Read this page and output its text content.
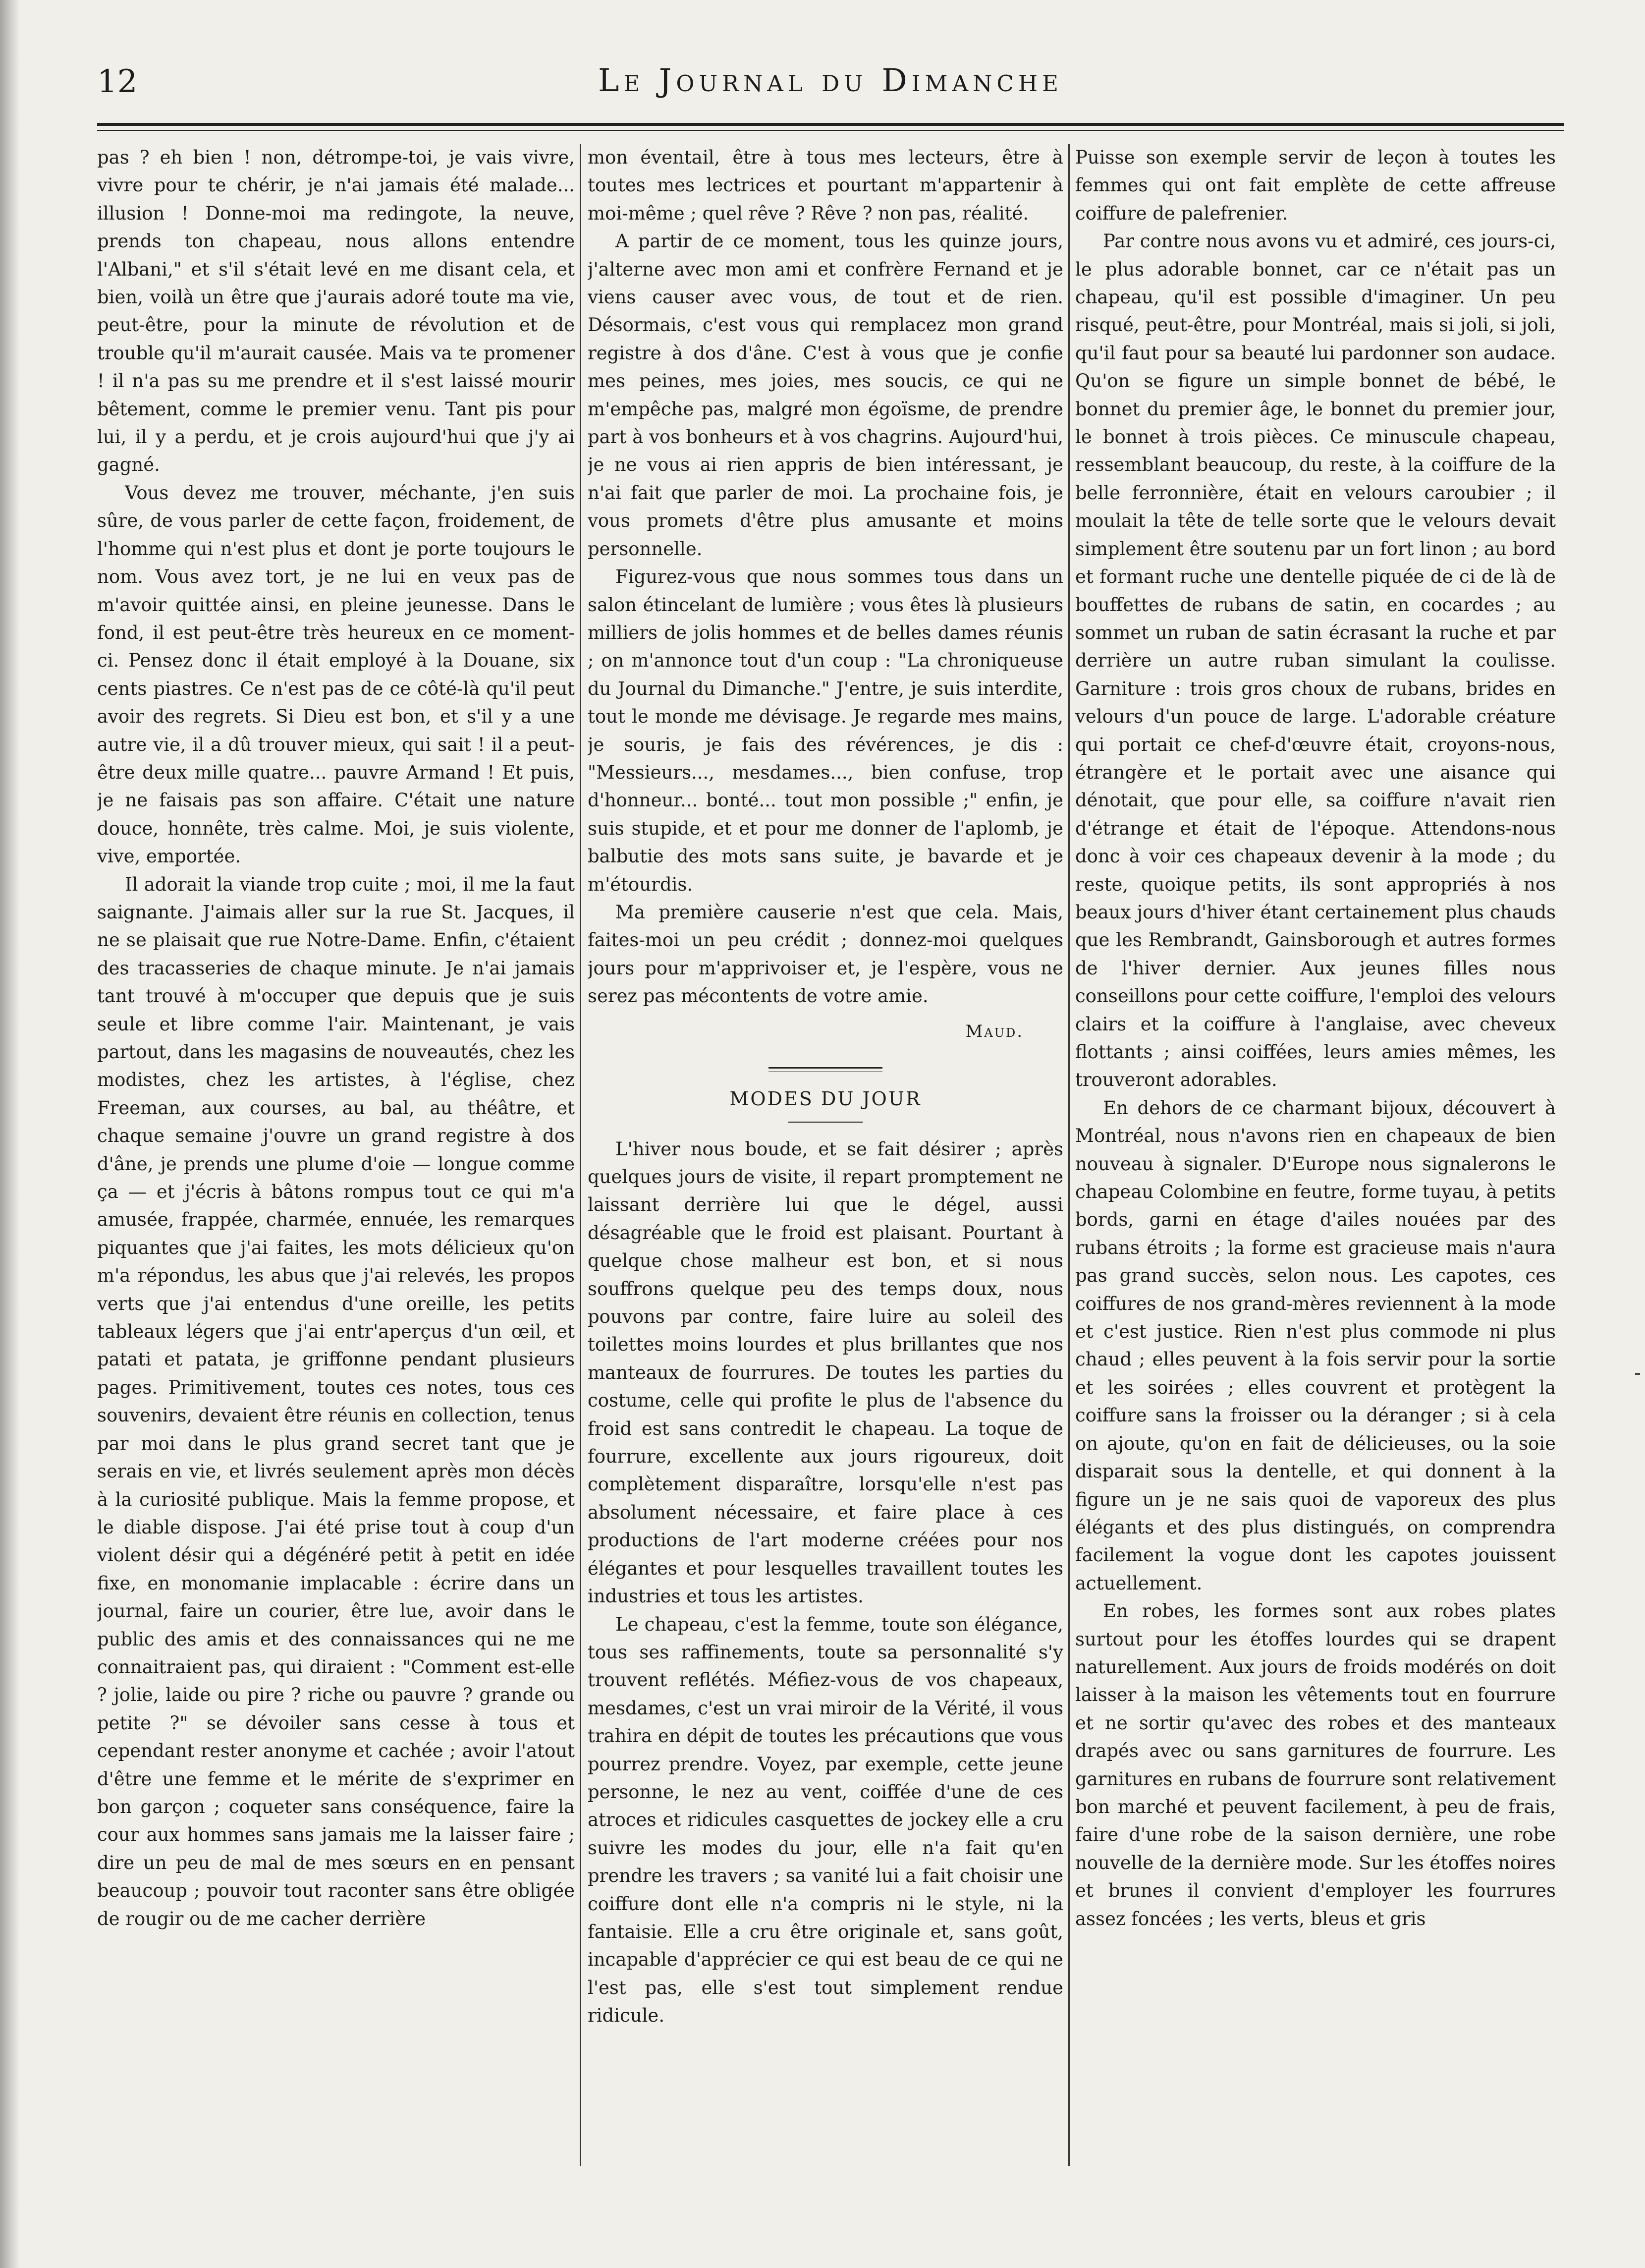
12	Le Journal du Dimanche

pas ? eh bien ! non, détrompe-toi, je vais vivre, vivre pour te chérir, je n'ai jamais été malade... illusion ! Donne-moi ma redingote, la neuve, prends ton chapeau, nous allons entendre l'Albani," et s'il s'était levé en me disant cela, et bien, voilà un être que j'aurais adoré toute ma vie, peut-être, pour la minute de révolution et de trouble qu'il m'aurait causée. Mais va te promener ! il n'a pas su me prendre et il s'est laissé mourir bêtement, comme le premier venu. Tant pis pour lui, il y a perdu, et je crois aujourd'hui que j'y ai gagné.

Vous devez me trouver, méchante, j'en suis sûre, de vous parler de cette façon, froidement, de l'homme qui n'est plus et dont je porte toujours le nom. Vous avez tort, je ne lui en veux pas de m'avoir quittée ainsi, en pleine jeunesse. Dans le fond, il est peut-être très heureux en ce moment-ci. Pensez donc il était employé à la Douane, six cents piastres. Ce n'est pas de ce côté-là qu'il peut avoir des regrets. Si Dieu est bon, et s'il y a une autre vie, il a dû trouver mieux, qui sait ! il a peut-être deux mille quatre... pauvre Armand ! Et puis, je ne faisais pas son affaire. C'était une nature douce, honnête, très calme. Moi, je suis violente, vive, emportée.

Il adorait la viande trop cuite ; moi, il me la faut saignante. J'aimais aller sur la rue St. Jacques, il ne se plaisait que rue Notre-Dame. Enfin, c'étaient des tracasseries de chaque minute. Je n'ai jamais tant trouvé à m'occuper que depuis que je suis seule et libre comme l'air. Maintenant, je vais partout, dans les magasins de nouveautés, chez les modistes, chez les artistes, à l'église, chez Freeman, aux courses, au bal, au théâtre, et chaque semaine j'ouvre un grand registre à dos d'âne, je prends une plume d'oie — longue comme ça — et j'écris à bâtons rompus tout ce qui m'a amusée, frappée, charmée, ennuée, les remarques piquantes que j'ai faites, les mots délicieux qu'on m'a répondus, les abus que j'ai relevés, les propos verts que j'ai entendus d'une oreille, les petits tableaux légers que j'ai entr'aperçus d'un œil, et patati et patata, je griffonne pendant plusieurs pages. Primitivement, toutes ces notes, tous ces souvenirs, devaient être réunis en collection, tenus par moi dans le plus grand secret tant que je serais en vie, et livrés seulement après mon décès à la curiosité publique. Mais la femme propose, et le diable dispose. J'ai été prise tout à coup d'un violent désir qui a dégénéré petit à petit en idée fixe, en monomanie implacable : écrire dans un journal, faire un courier, être lue, avoir dans le public des amis et des connaissances qui ne me connaitraient pas, qui diraient : "Comment est-elle ? jolie, laide ou pire ? riche ou pauvre ? grande ou petite ?" se dévoiler sans cesse à tous et cependant rester anonyme et cachée ; avoir l'atout d'être une femme et le mérite de s'exprimer en bon garçon ; coqueter sans conséquence, faire la cour aux hommes sans jamais me la laisser faire ; dire un peu de mal de mes sœurs en en pensant beaucoup ; pouvoir tout raconter sans être obligée de rougir ou de me cacher derrière

mon éventail, être à tous mes lecteurs, être à toutes mes lectrices et pourtant m'appartenir à moi-même ; quel rêve ? Rêve ? non pas, réalité.

A partir de ce moment, tous les quinze jours, j'alterne avec mon ami et confrère Fernand et je viens causer avec vous, de tout et de rien. Désormais, c'est vous qui remplacez mon grand registre à dos d'âne. C'est à vous que je confie mes peines, mes joies, mes soucis, ce qui ne m'empêche pas, malgré mon égoïsme, de prendre part à vos bonheurs et à vos chagrins. Aujourd'hui, je ne vous ai rien appris de bien intéressant, je n'ai fait que parler de moi. La prochaine fois, je vous promets d'être plus amusante et moins personnelle.

Figurez-vous que nous sommes tous dans un salon étincelant de lumière ; vous êtes là plusieurs milliers de jolis hommes et de belles dames réunis ; on m'annonce tout d'un coup : "La chroniqueuse du Journal du Dimanche." J'entre, je suis interdite, tout le monde me dévisage. Je regarde mes mains, je souris, je fais des révérences, je dis : "Messieurs..., mesdames..., bien confuse, trop d'honneur... bonté... tout mon possible ;" enfin, je suis stupide, et et pour me donner de l'aplomb, je balbutie des mots sans suite, je bavarde et je m'étourdis.

Ma première causerie n'est que cela. Mais, faites-moi un peu crédit ; donnez-moi quelques jours pour m'apprivoiser et, je l'espère, vous ne serez pas mécontents de votre amie.

Maud.

MODES DU JOUR

L'hiver nous boude, et se fait désirer ; après quelques jours de visite, il repart promptement ne laissant derrière lui que le dégel, aussi désagréable que le froid est plaisant. Pourtant à quelque chose malheur est bon, et si nous souffrons quelque peu des temps doux, nous pouvons par contre, faire luire au soleil des toilettes moins lourdes et plus brillantes que nos manteaux de fourrures. De toutes les parties du costume, celle qui profite le plus de l'absence du froid est sans contredit le chapeau. La toque de fourrure, excellente aux jours rigoureux, doit complètement disparaître, lorsqu'elle n'est pas absolument nécessaire, et faire place à ces productions de l'art moderne créées pour nos élégantes et pour lesquelles travaillent toutes les industries et tous les artistes.

Le chapeau, c'est la femme, toute son élégance, tous ses raffinements, toute sa personnalité s'y trouvent reflétés. Méfiez-vous de vos chapeaux, mesdames, c'est un vrai miroir de la Vérité, il vous trahira en dépit de toutes les précautions que vous pourrez prendre. Voyez, par exemple, cette jeune personne, le nez au vent, coiffée d'une de ces atroces et ridicules casquettes de jockey elle a cru suivre les modes du jour, elle n'a fait qu'en prendre les travers ; sa vanité lui a fait choisir une coiffure dont elle n'a compris ni le style, ni la fantaisie. Elle a cru être originale et, sans goût, incapable d'apprécier ce qui est beau de ce qui ne l'est pas, elle s'est tout simplement rendue ridicule.

Puisse son exemple servir de leçon à toutes les femmes qui ont fait emplète de cette affreuse coiffure de palefrenier.

Par contre nous avons vu et admiré, ces jours-ci, le plus adorable bonnet, car ce n'était pas un chapeau, qu'il est possible d'imaginer. Un peu risqué, peut-être, pour Montréal, mais si joli, si joli, qu'il faut pour sa beauté lui pardonner son audace. Qu'on se figure un simple bonnet de bébé, le bonnet du premier âge, le bonnet du premier jour, le bonnet à trois pièces. Ce minuscule chapeau, ressemblant beaucoup, du reste, à la coiffure de la belle ferronnière, était en velours caroubier ; il moulait la tête de telle sorte que le velours devait simplement être soutenu par un fort linon ; au bord et formant ruche une dentelle piquée de ci de là de bouffettes de rubans de satin, en cocardes ; au sommet un ruban de satin écrasant la ruche et par derrière un autre ruban simulant la coulisse. Garniture : trois gros choux de rubans, brides en velours d'un pouce de large. L'adorable créature qui portait ce chef-d'œuvre était, croyons-nous, étrangère et le portait avec une aisance qui dénotait, que pour elle, sa coiffure n'avait rien d'étrange et était de l'époque. Attendons-nous donc à voir ces chapeaux devenir à la mode ; du reste, quoique petits, ils sont appropriés à nos beaux jours d'hiver étant certainement plus chauds que les Rembrandt, Gainsborough et autres formes de l'hiver dernier. Aux jeunes filles nous conseillons pour cette coiffure, l'emploi des velours clairs et la coiffure à l'anglaise, avec cheveux flottants ; ainsi coiffées, leurs amies mêmes, les trouveront adorables.

En dehors de ce charmant bijoux, découvert à Montréal, nous n'avons rien en chapeaux de bien nouveau à signaler. D'Europe nous signalerons le chapeau Colombine en feutre, forme tuyau, à petits bords, garni en étage d'ailes nouées par des rubans étroits ; la forme est gracieuse mais n'aura pas grand succès, selon nous. Les capotes, ces coiffures de nos grand-mères reviennent à la mode et c'est justice. Rien n'est plus commode ni plus chaud ; elles peuvent à la fois servir pour la sortie et les soirées ; elles couvrent et protègent la coiffure sans la froisser ou la déranger ; si à cela on ajoute, qu'on en fait de délicieuses, ou la soie disparait sous la dentelle, et qui donnent à la figure un je ne sais quoi de vaporeux des plus élégants et des plus distingués, on comprendra facilement la vogue dont les capotes jouissent actuellement.

En robes, les formes sont aux robes plates surtout pour les étoffes lourdes qui se drapent naturellement. Aux jours de froids modérés on doit laisser à la maison les vêtements tout en fourrure et ne sortir qu'avec des robes et des manteaux drapés avec ou sans garnitures de fourrure. Les garnitures en rubans de fourrure sont relativement bon marché et peuvent facilement, à peu de frais, faire d'une robe de la saison dernière, une robe nouvelle de la dernière mode. Sur les étoffes noires et brunes il convient d'employer les fourrures assez foncées ; les verts, bleus et gris
